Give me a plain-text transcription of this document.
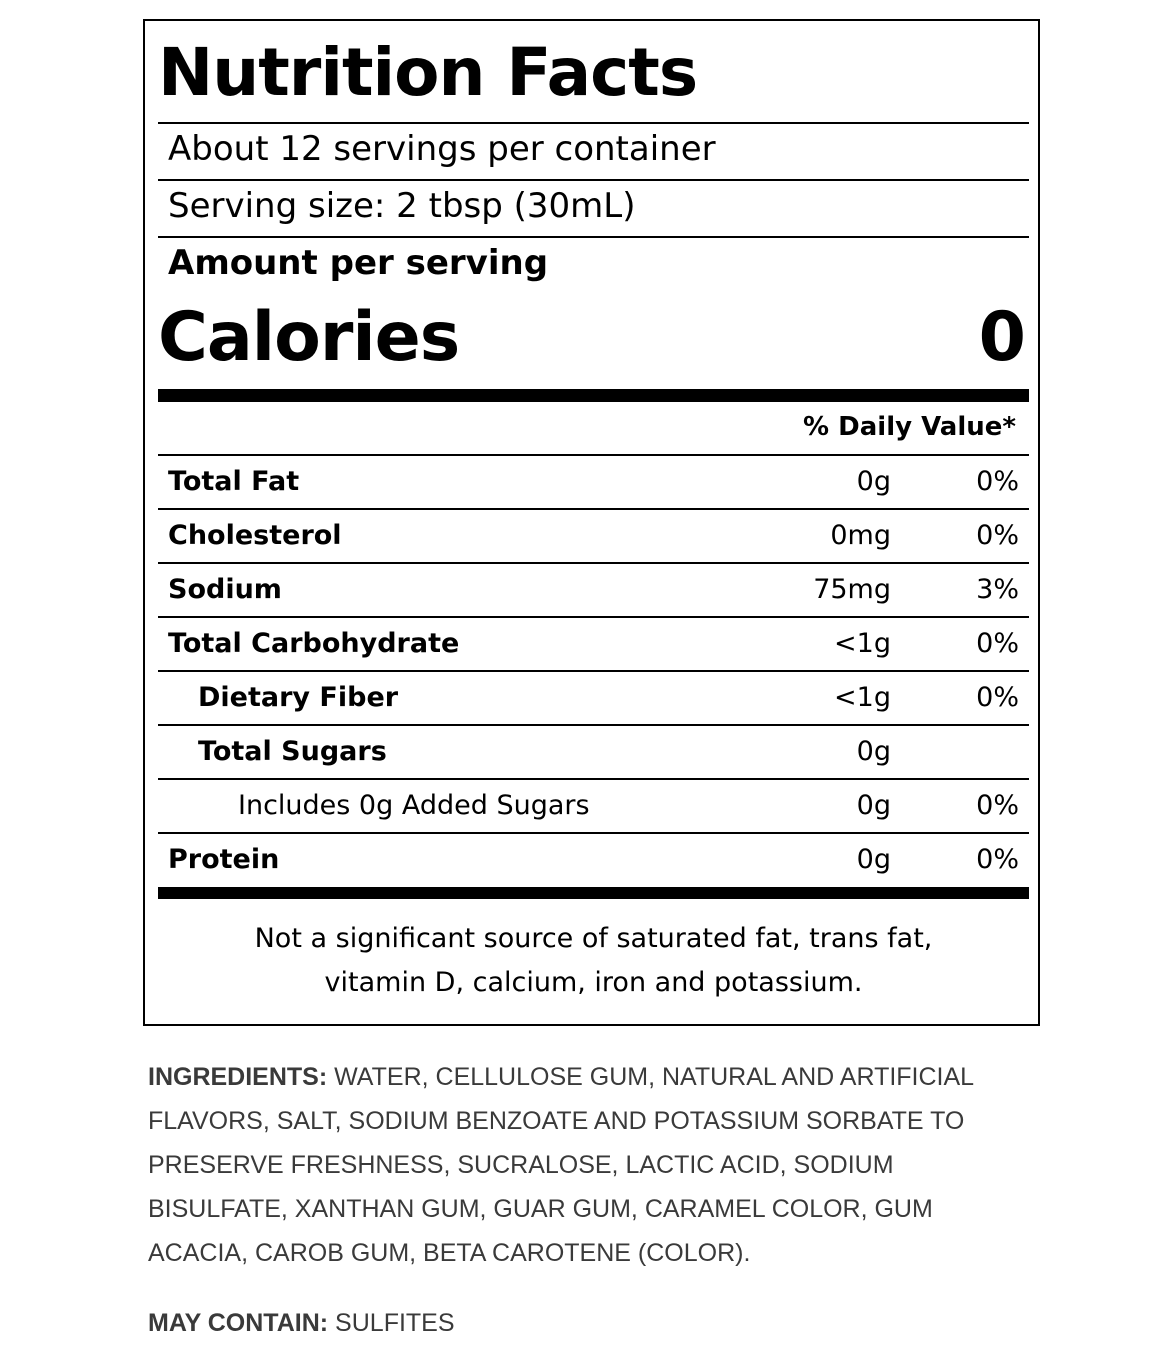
Nutrition Facts
About 12 servings per container
Serving size: 2 tbsp (30mL)
Amount per serving
Calories	0
% Daily Value*
Total Fat	0g	0%
Cholesterol	0mg	0%
Sodium	75mg	3%
Total Carbohydrate	<1g	0%
Dietary Fiber	<1g	0%
Total Sugars	0g
Includes 0g Added Sugars	0g	0%
Protein	0g	0%
Not a significant source of saturated fat, trans fat,
vitamin D, calcium, iron and potassium.
INGREDIENTS: WATER, CELLULOSE GUM, NATURAL AND ARTIFICIAL FLAVORS, SALT, SODIUM BENZOATE AND POTASSIUM SORBATE TO PRESERVE FRESHNESS, SUCRALOSE, LACTIC ACID, SODIUM BISULFATE, XANTHAN GUM, GUAR GUM, CARAMEL COLOR, GUM ACACIA, CAROB GUM, BETA CAROTENE (COLOR).
MAY CONTAIN: SULFITES
